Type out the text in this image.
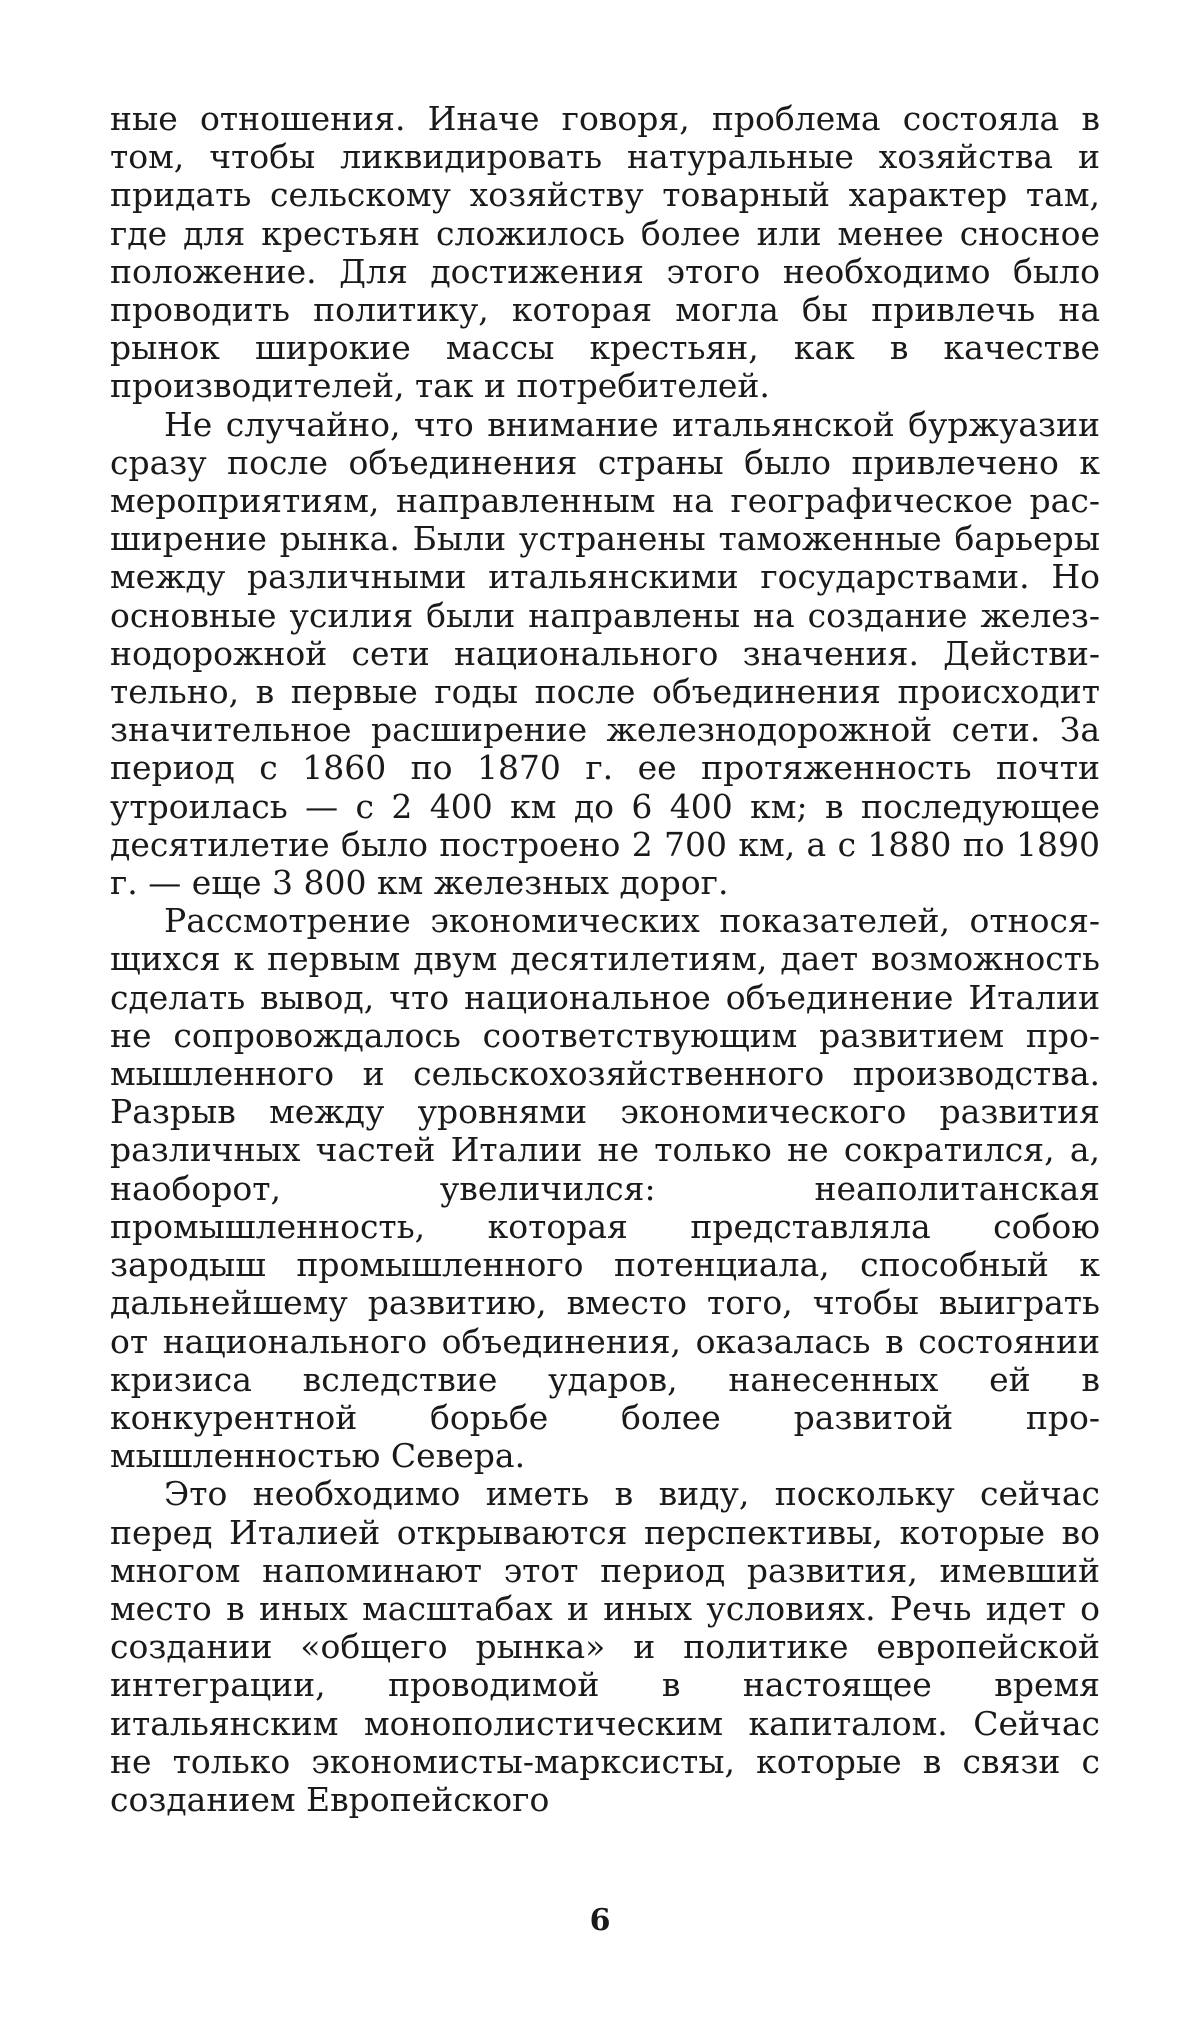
ные отношения. Иначе говоря, проблема состояла в том, чтобы ликвидировать натуральные хозяйства и придать сельскому хозяйству товарный характер там, где для крестьян сложилось более или менее сносное положение. Для достижения этого необходимо было проводить политику, которая могла бы привлечь на рынок широкие массы крестьян, как в качестве производителей, так и потребителей.

Не случайно, что внимание итальянской буржуазии сразу после объединения страны было привлечено к мероприятиям, направленным на географическое расширение рынка. Были устранены таможенные барьеры между различными итальянскими государствами. Но основные усилия были направлены на создание железнодорожной сети национального значения. Действительно, в первые годы после объединения происходит значительное расширение железнодорожной сети. За период с 1860 по 1870 г. ее протяженность почти утроилась — с 2 400 км до 6 400 км; в последующее десятилетие было построено 2 700 км, а с 1880 по 1890 г. — еще 3 800 км железных дорог.

Рассмотрение экономических показателей, относящихся к первым двум десятилетиям, дает возможность сделать вывод, что национальное объединение Италии не сопровождалось соответствующим развитием промышленного и сельскохозяйственного производства. Разрыв между уровнями экономического развития различных частей Италии не только не сократился, а, наоборот, увеличился: неаполитанская промышленность, которая представляла собою зародыш промышленного потенциала, способный к дальнейшему развитию, вместо того, чтобы выиграть от национального объединения, оказалась в состоянии кризиса вследствие ударов, нанесенных ей в конкурентной борьбе более развитой промышленностью Севера.

Это необходимо иметь в виду, поскольку сейчас перед Италией открываются перспективы, которые во многом напоминают этот период развития, имевший место в иных масштабах и иных условиях. Речь идет о создании «общего рынка» и политике европейской интеграции, проводимой в настоящее время итальянским монополистическим капиталом. Сейчас не только экономисты-марксисты, которые в связи с созданием Европейского

6
